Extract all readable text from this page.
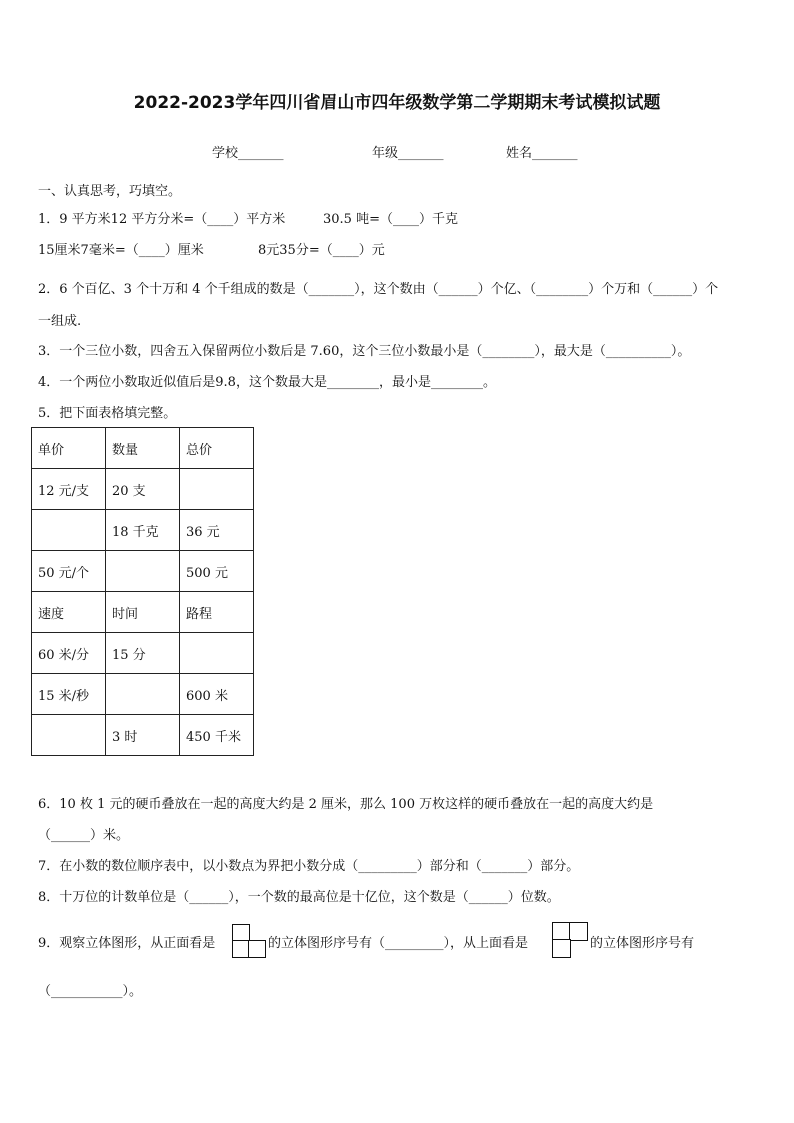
2022-2023学年四川省眉山市四年级数学第二学期期末考试模拟试题
学校_______	年级_______	姓名_______
一、认真思考，巧填空。
1．9 平方米12 平方分米=（____）平方米	30.5 吨=（____）千克
15厘米7毫米=（____）厘米	8元35分=（____）元
2．6 个百亿、3 个十万和 4 个千组成的数是（_______），这个数由（______）个亿、（________）个万和（______）个
一组成.
3．一个三位小数，四舍五入保留两位小数后是 7.60，这个三位小数最小是（________），最大是（__________）。
4．一个两位小数取近似值后是9.8，这个数最大是________，最小是________。
5．把下面表格填完整。
单价	数量	总价
12 元/支	20 支	
	18 千克	36 元
50 元/个		500 元
速度	时间	路程
60 米/分	15 分	
15 米/秒		600 米
	3 时	450 千米
6．10 枚 1 元的硬币叠放在一起的高度大约是 2 厘米，那么 100 万枚这样的硬币叠放在一起的高度大约是
（______）米。
7．在小数的数位顺序表中，以小数点为界把小数分成（_________）部分和（_______）部分。
8．十万位的计数单位是（______），一个数的最高位是十亿位，这个数是（______）位数。
9．观察立体图形，从正面看是	的立体图形序号有（_________），从上面看是	的立体图形序号有
（___________）。
